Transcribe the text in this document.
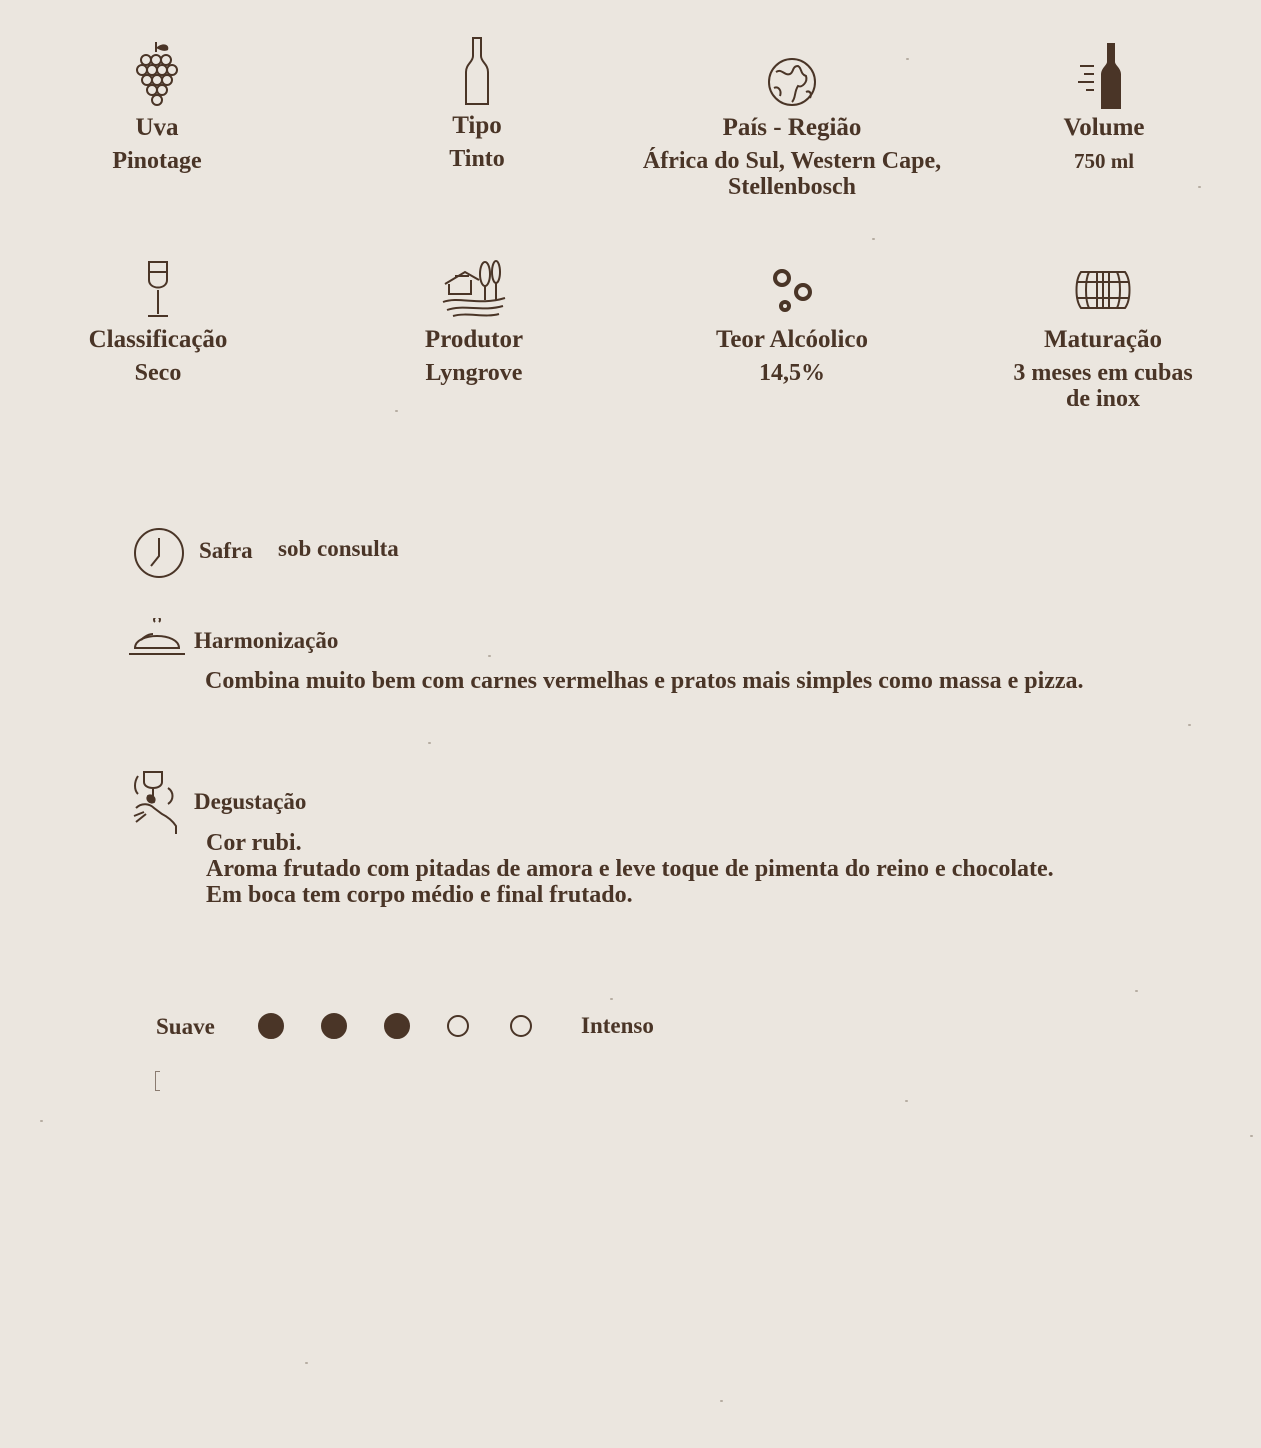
Uva
Pinotage
Tipo
Tinto
País - Região
África do Sul, Western Cape,
Stellenbosch
Volume
750 ml
Classificação
Seco
Produtor
Lyngrove
Teor Alcóolico
14,5%
Maturação
3 meses em cubas
de inox
Safra sob consulta
Harmonização
Combina muito bem com carnes vermelhas e pratos mais simples como massa e pizza.
Degustação
Cor rubi.
Aroma frutado com pitadas de amora e leve toque de pimenta do reino e chocolate.
Em boca tem corpo médio e final frutado.
Suave	Intenso
